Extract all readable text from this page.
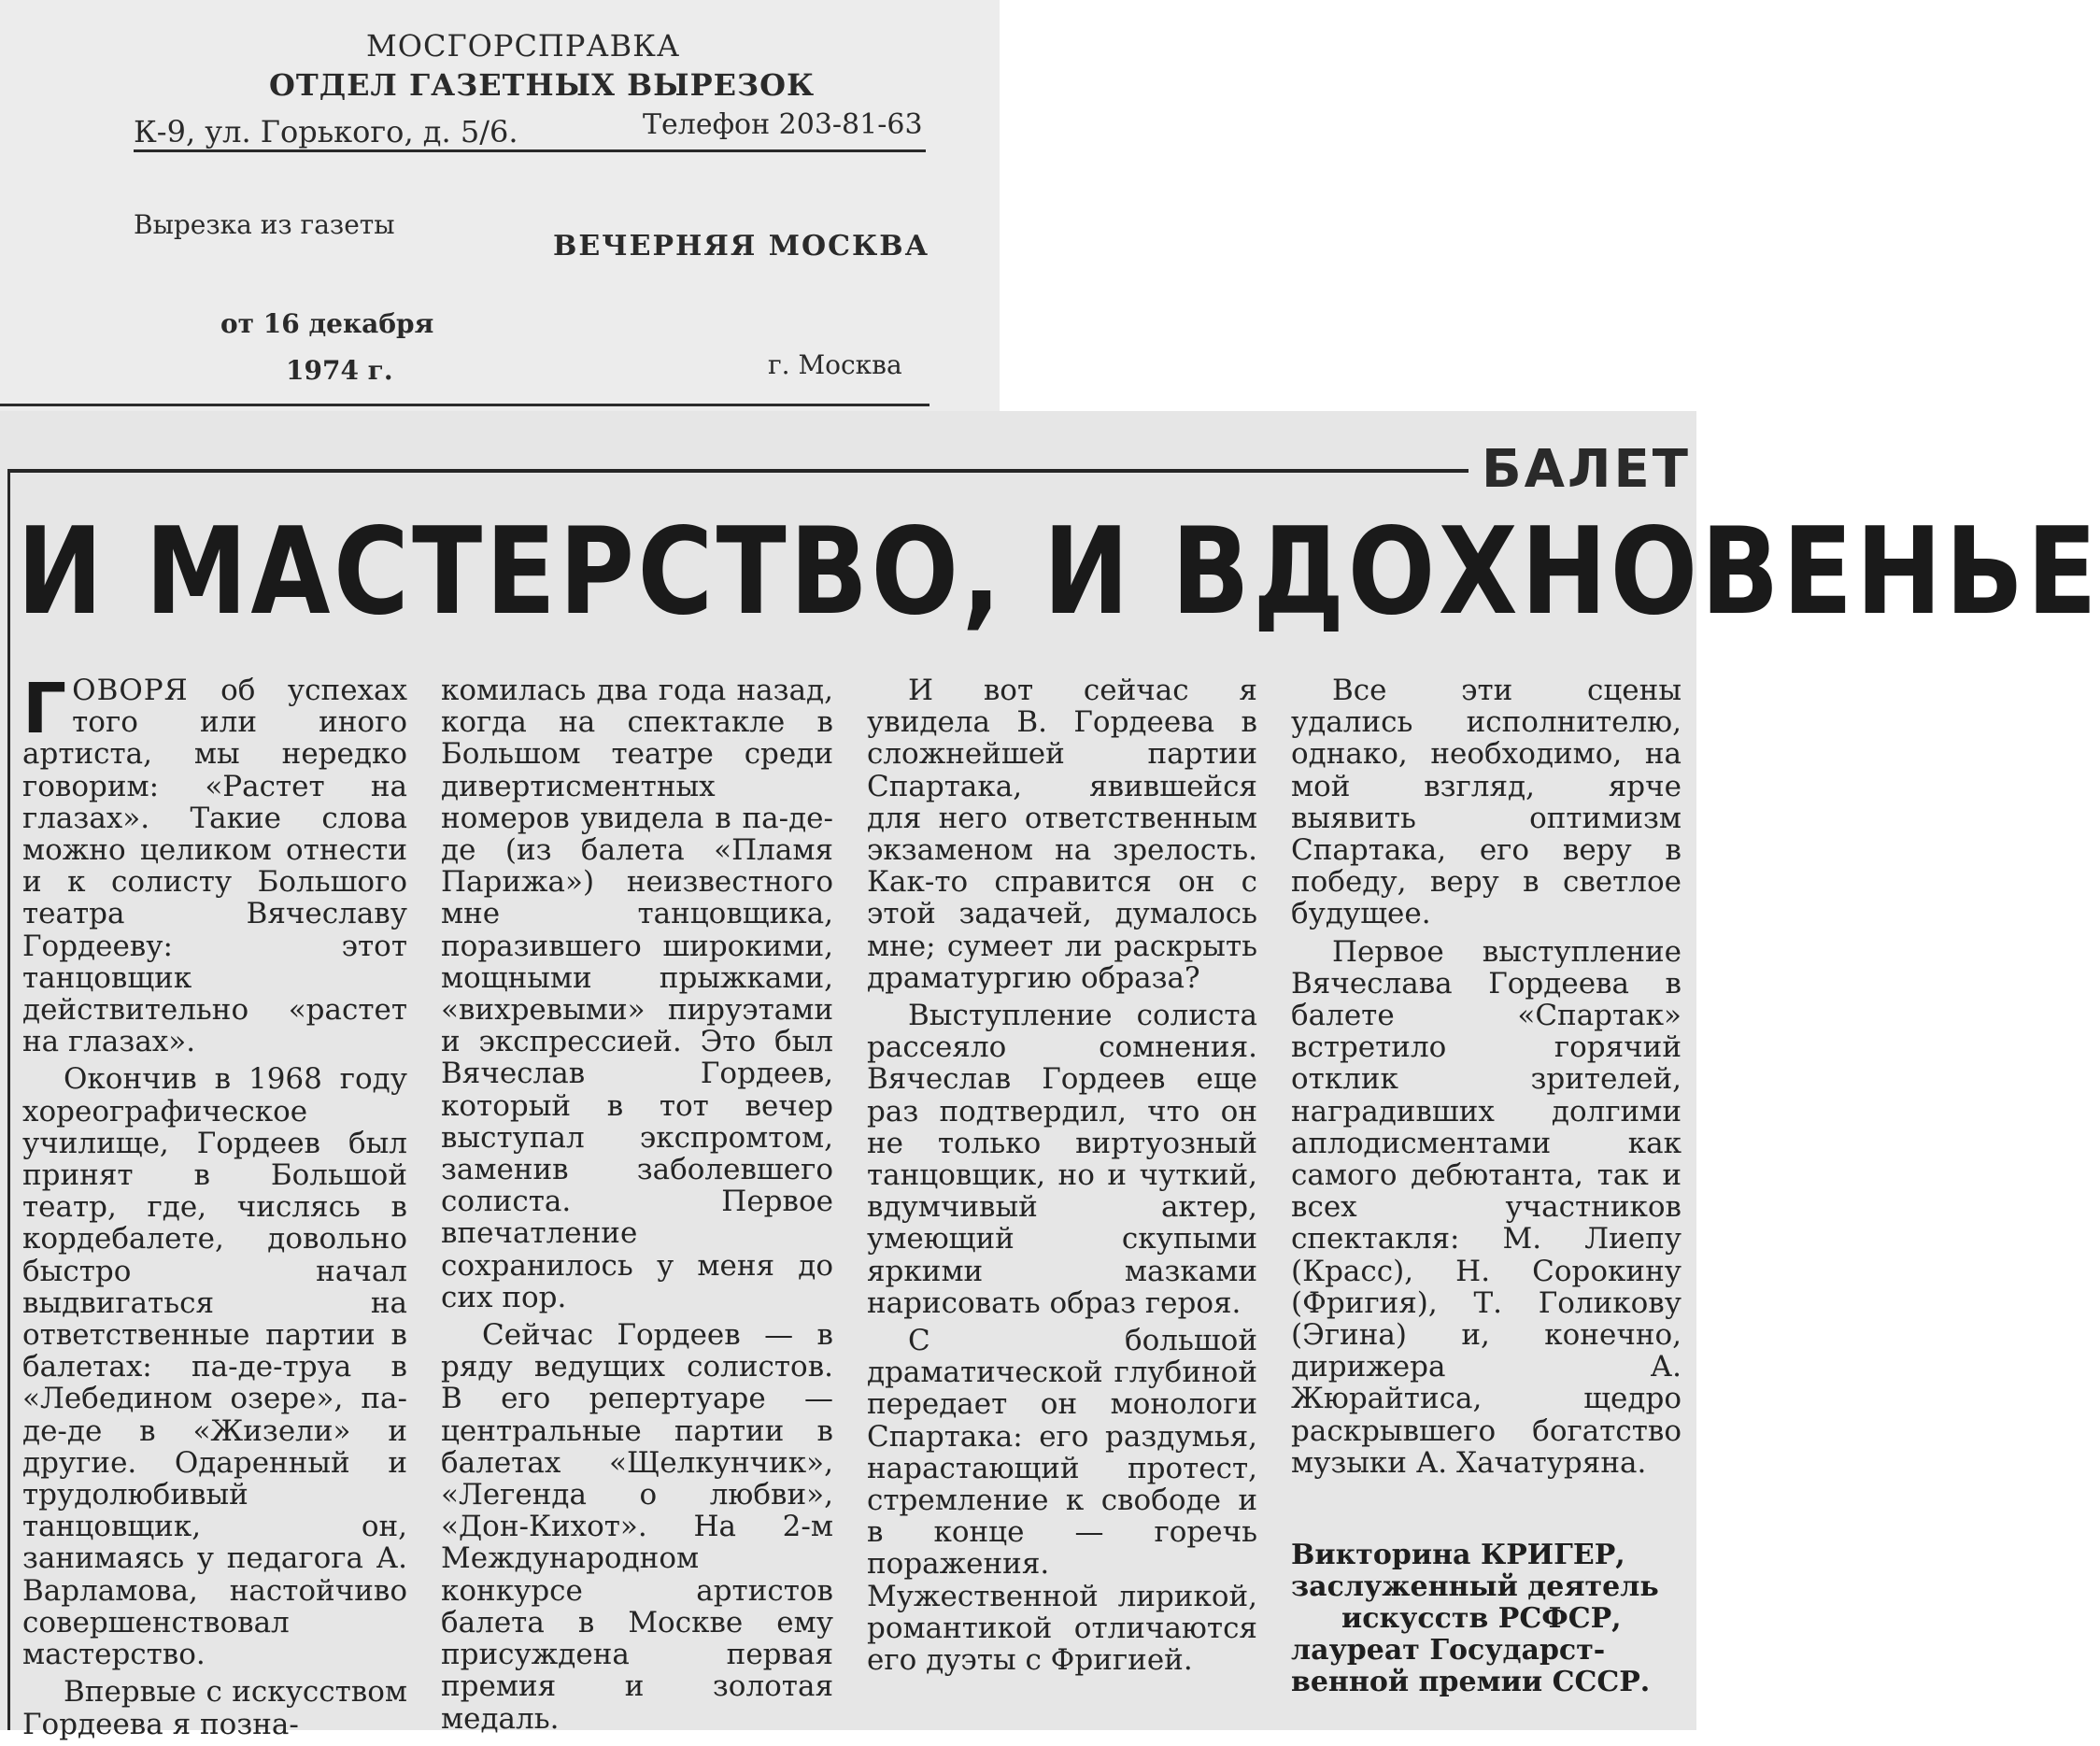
МОСГОРСПРАВКА
ОТДЕЛ ГАЗЕТНЫХ ВЫРЕЗОК
К-9, ул. Горького, д. 5/6.	Телефон 203-81-63
Вырезка из газеты
ВЕЧЕРНЯЯ МОСКВА
от 16 декабря
1974 г.	г. Москва
БАЛЕТ
И МАСТЕРСТВО, И ВДОХНОВЕНЬЕ

ГОВОРЯ об успехах того или иного артиста, мы нередко говорим: «Растет на глазах». Такие слова можно целиком отнести и к солисту Большого театра Вячеславу Гордееву: этот танцовщик действительно «растет на глазах».

Окончив в 1968 году хореографическое училище, Гордеев был принят в Большой театр, где, числясь в кордебалете, довольно быстро начал выдвигаться на ответственные партии в балетах: па-де-труа в «Лебедином озере», па-де-де в «Жизели» и другие. Одаренный и трудолюбивый танцовщик, он, занимаясь у педагога А. Варламова, настойчиво совершенствовал мастерство.

Впервые с искусством Гордеева я позна-

комилась два года назад, когда на спектакле в Большом театре среди дивертисментных номеров увидела в па-де-де (из балета «Пламя Парижа») неизвестного мне танцовщика, поразившего широкими, мощными прыжками, «вихревыми» пируэтами и экспрессией. Это был Вячеслав Гордеев, который в тот вечер выступал экспромтом, заменив заболевшего солиста. Первое впечатление сохранилось у меня до сих пор.

Сейчас Гордеев — в ряду ведущих солистов. В его репертуаре — центральные партии в балетах «Щелкунчик», «Легенда о любви», «Дон-Кихот». На 2-м Международном конкурсе артистов балета в Москве ему присуждена первая премия и золотая медаль.

И вот сейчас я увидела В. Гордеева в сложнейшей партии Спартака, явившейся для него ответственным экзаменом на зрелость. Как-то справится он с этой задачей, думалось мне; сумеет ли раскрыть драматургию образа?

Выступление солиста рассеяло сомнения. Вячеслав Гордеев еще раз подтвердил, что он не только виртуозный танцовщик, но и чуткий, вдумчивый актер, умеющий скупыми яркими мазками нарисовать образ героя.

С большой драматической глубиной передает он монологи Спартака: его раздумья, нарастающий протест, стремление к свободе и в конце — горечь поражения. Мужественной лирикой, романтикой отличаются его дуэты с Фригией.

Все эти сцены удались исполнителю, однако, необходимо, на мой взгляд, ярче выявить оптимизм Спартака, его веру в победу, веру в светлое будущее.

Первое выступление Вячеслава Гордеева в балете «Спартак» встретило горячий отклик зрителей, наградивших долгими аплодисментами как самого дебютанта, так и всех участников спектакля: М. Лиепу (Красс), Н. Сорокину (Фригия), Т. Голикову (Эгина) и, конечно, дирижера А. Жюрайтиса, щедро раскрывшего богатство музыки А. Хачатуряна.

Викторина КРИГЕР,
заслуженный деятель
искусств РСФСР,
лауреат Государст-
венной премии СССР.
